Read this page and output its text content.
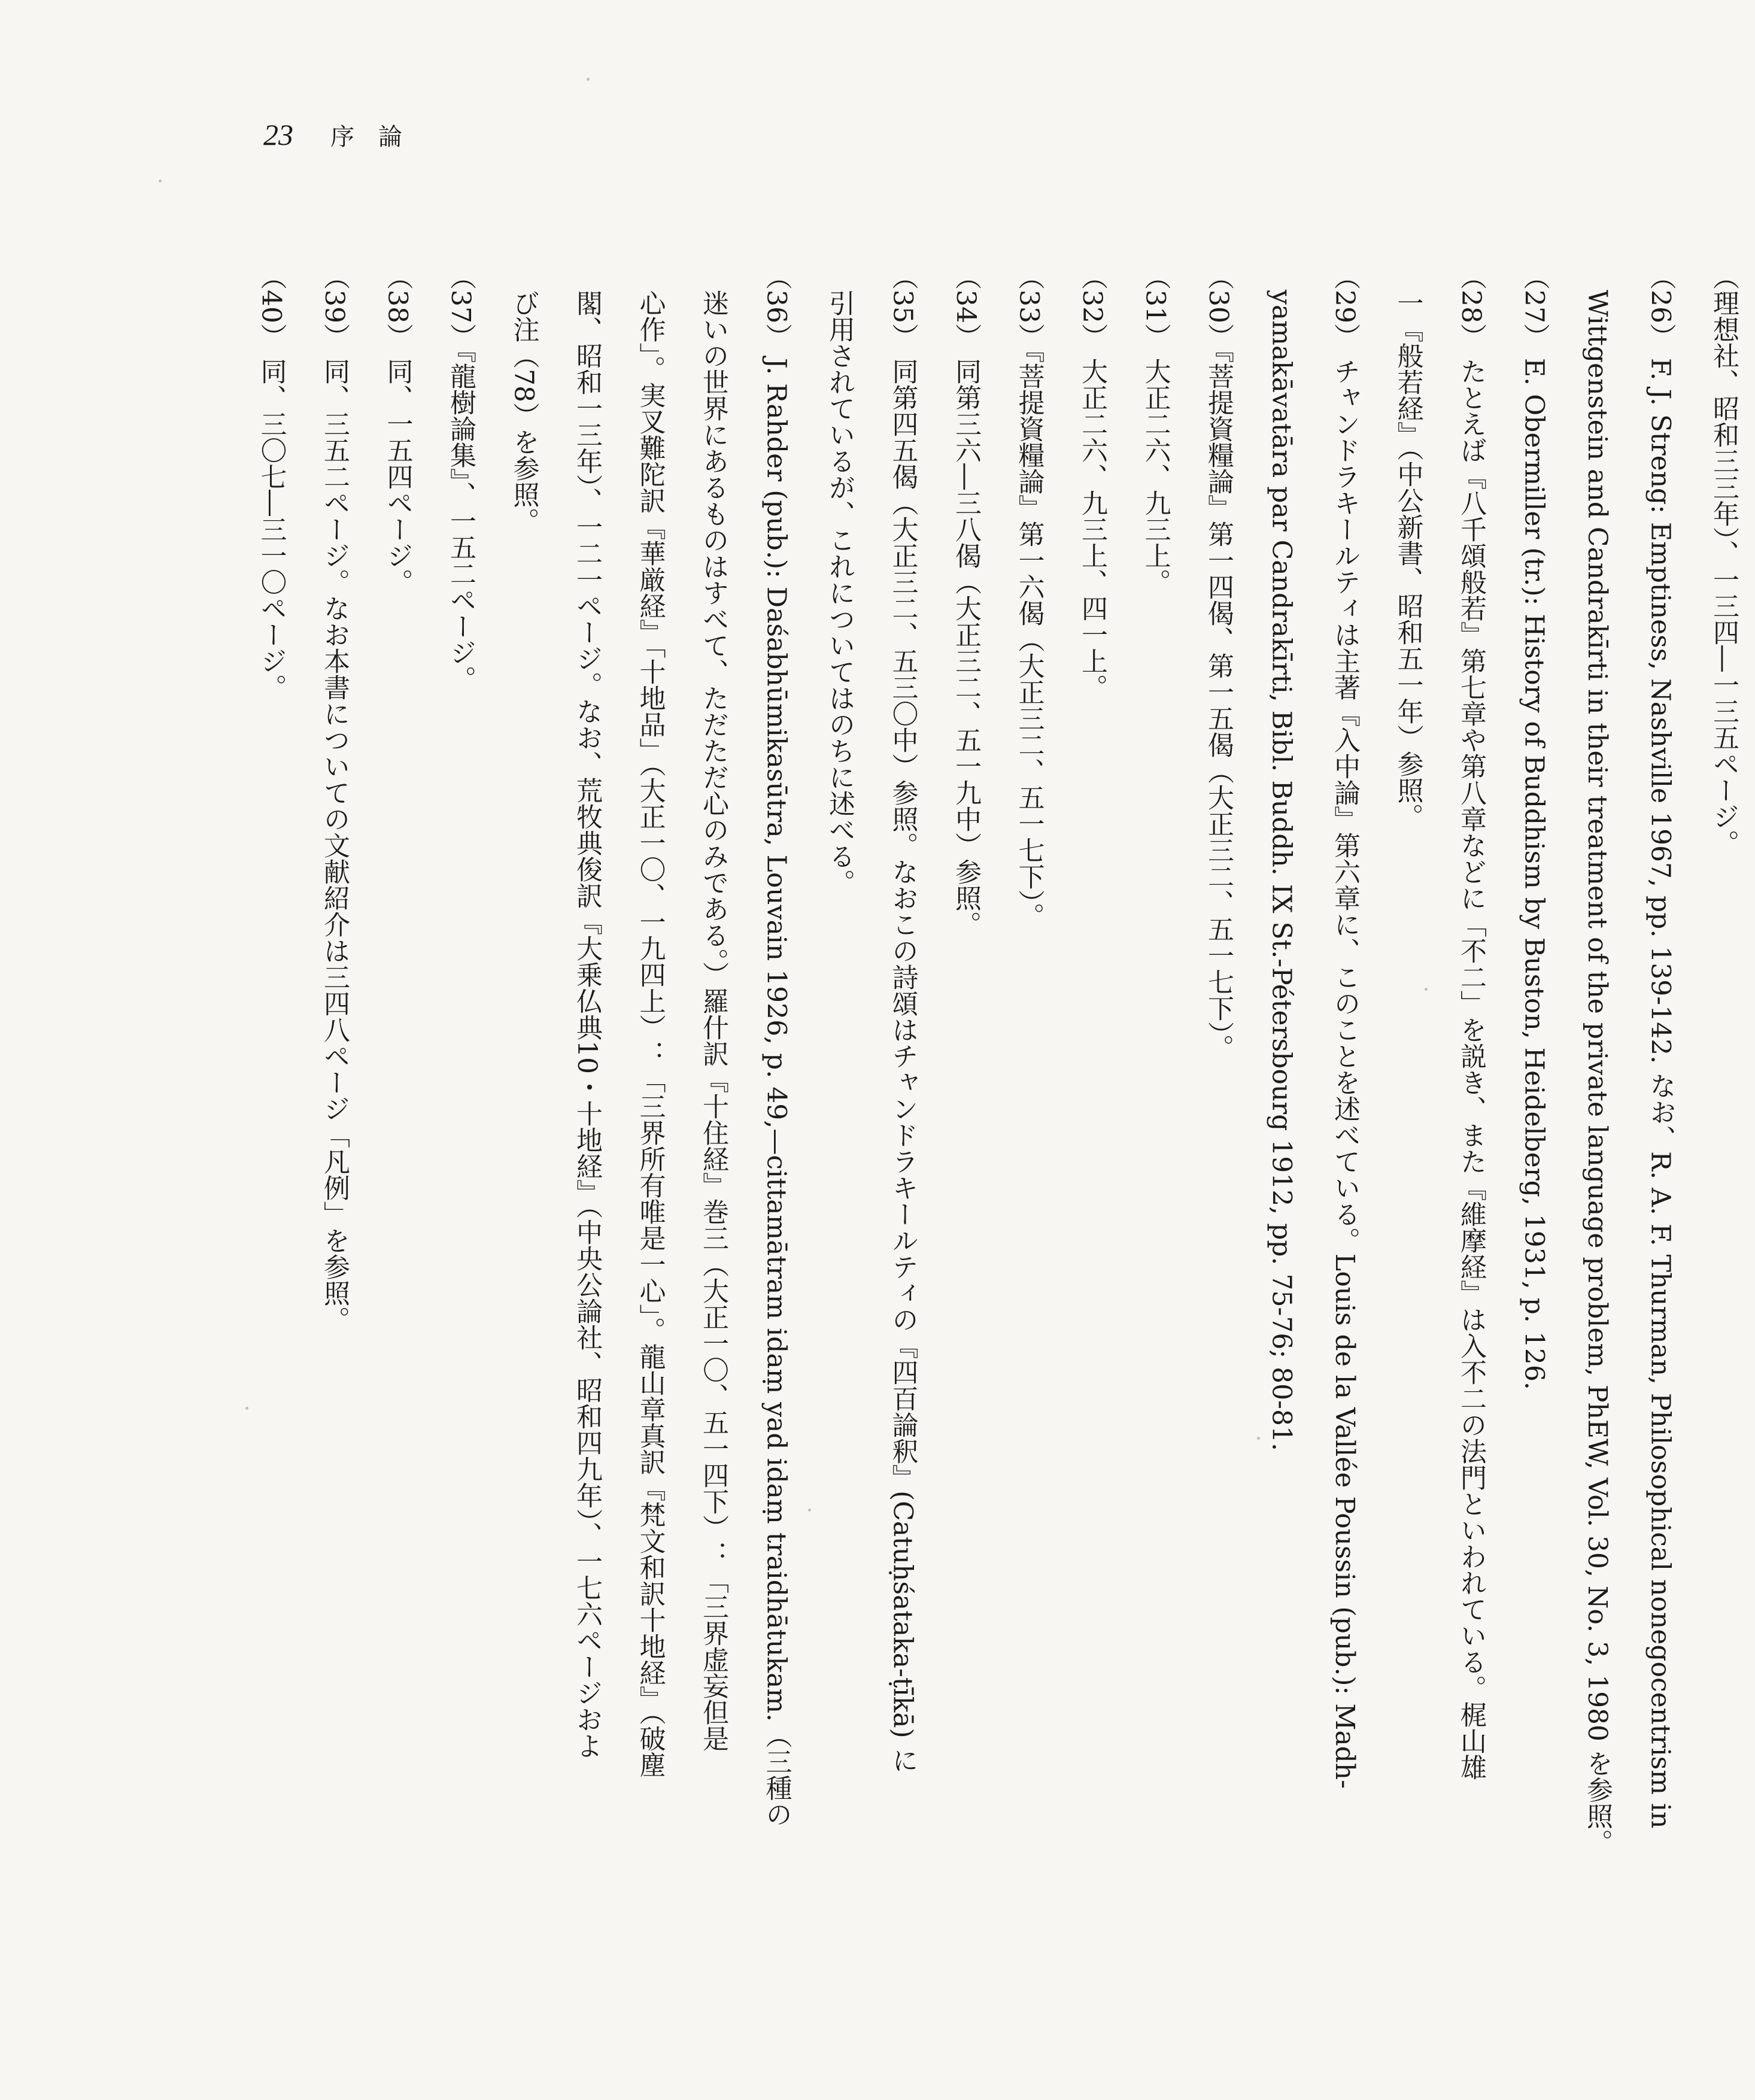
23 序論
（理想社、昭和三三年）、一三四―一三五ページ。
（26） F. J. Streng: Emptiness, Nashville 1967, pp. 139-142. なお、R. A. F. Thurman, Philosophical nonegocentrism in
Wittgenstein and Candrakīrti in their treatment of the private language problem, PhEW, Vol. 30, No. 3, 1980 を参照。
（27） E. Obermiller (tr.): History of Buddhism by Buston, Heidelberg, 1931, p. 126.
（28） たとえば『八千頌般若』第七章や第八章などに「不二」を説き、また『維摩経』は入不二の法門といわれている。梶山雄
一『般若経』（中公新書、昭和五一年）参照。
（29） チャンドラキールティは主著『入中論』第六章に、このことを述べている。Louis de la Vallée Poussin (pub.): Madh-
yamakāvatāra par Candrakīrti, Bibl. Buddh. IX St.-Pétersbourg 1912, pp. 75-76; 80-81.
（30）『菩提資糧論』第一四偈、第一五偈（大正三二、五一七下）。
（31） 大正二六、九三上。
（32） 大正二六、九三上、四一上。
（33）『菩提資糧論』第一六偈（大正三二、五一七下）。
（34） 同第三六―三八偈（大正三二、五一九中）参照。
（35） 同第四五偈（大正三二、五三〇中）参照。なおこの詩頌はチャンドラキールティの『四百論釈』(Catuḥśataka-ṭīkā) に
引用されているが、これについてはのちに述べる。
（36） J. Rahder (pub.): Daśabhūmikasūtra, Louvain 1926, p. 49,—cittamātram idaṃ yad idaṃ traidhātukam.（三種の
迷いの世界にあるものはすべて、ただただ心のみである。）羅什訳『十住経』巻三（大正一〇、五一四下）：「三界虚妄但是
心作」。実叉難陀訳『華厳経』「十地品」（大正一〇、一九四上）：「三界所有唯是一心」。龍山章真訳『梵文和訳十地経』（破塵
閣、昭和一三年）、一二一ページ。なお、荒牧典俊訳『大乗仏典10・十地経』（中央公論社、昭和四九年）、一七六ページおよ
び注（78）を参照。
（37）『龍樹論集』、一五二ページ。
（38） 同、一五四ページ。
（39） 同、三五二ページ。なお本書についての文献紹介は三四八ページ「凡例」を参照。
（40） 同、三〇七―三一〇ページ。
